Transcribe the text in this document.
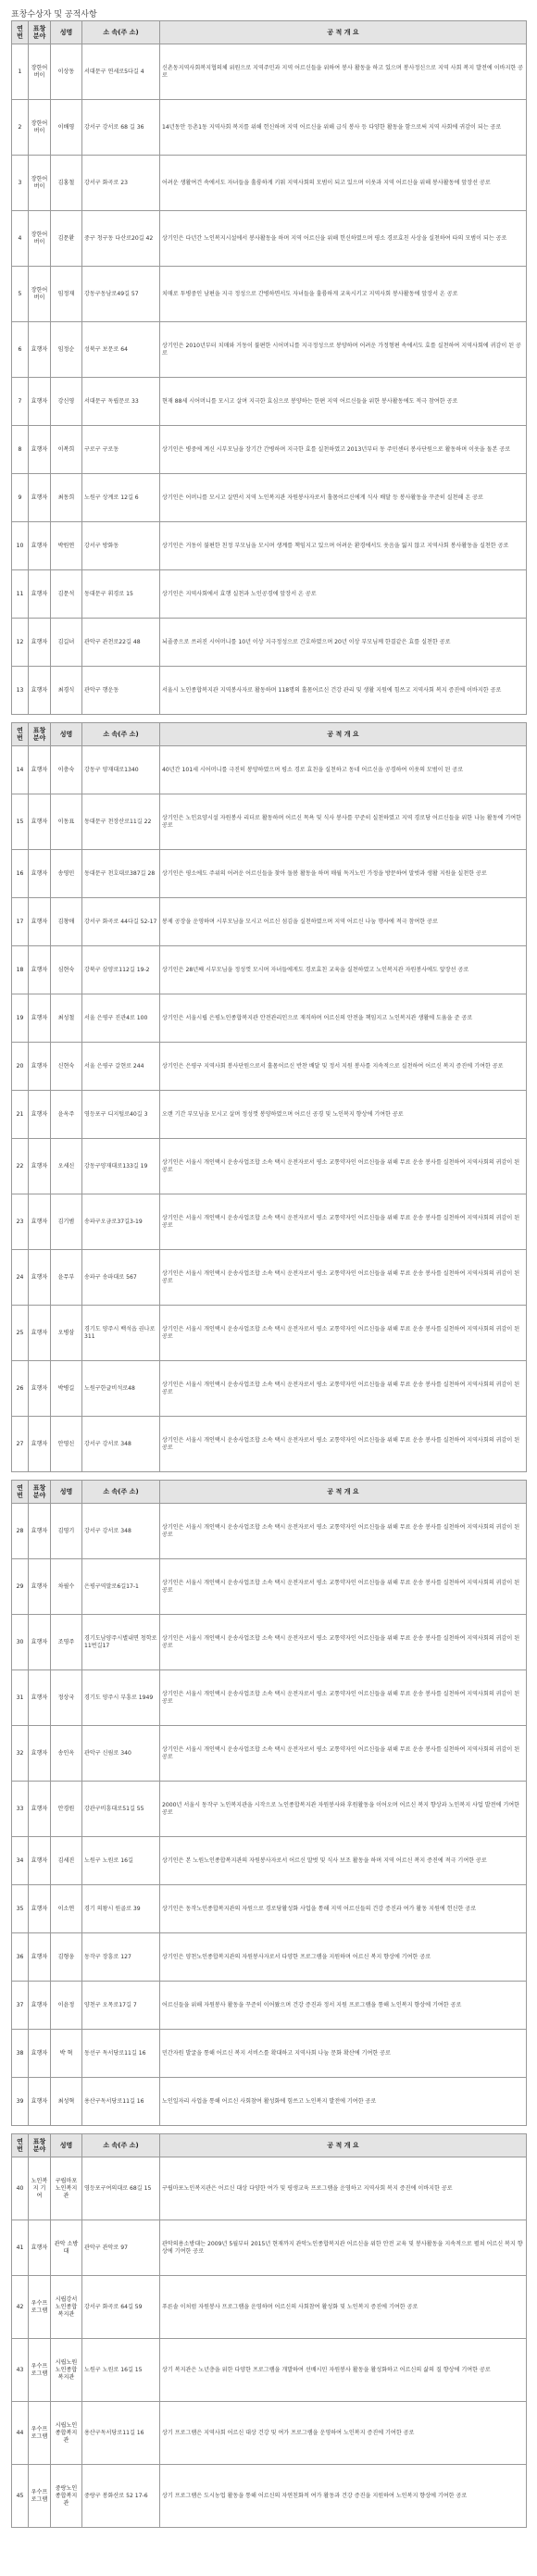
표창수상자 및 공적사항
연번	표창분야	성명	소 속(주 소)	공 적 개 요
1	장한어버이	이상동	서대문구 연세로5다길 4	신촌동지역사회복지협의체 위원으로 지역주민과 지역 어르신들을 위하여 봉사 활동을 하고 있으며 봉사정신으로 지역 사회 복지 발전에 이바지한 공로
2	장한어버이	이배영	강서구 강서로 68 길 36	14년동안 등촌1동 지역사회 복지를 위해 헌신하며 지역 어르신을 위해 급식 봉사 등 다양한 활동을 함으로써 지역 사회에 귀감이 되는 공로
3	장한어버이	김홍철	강서구 화곡로 23	어려운 생활여건 속에서도 자녀들을 훌륭하게 키워 지역사회의 모범이 되고 있으며 이웃과 지역 어르신을 위해 봉사활동에 앞장선 공로
4	장한어버이	김문환	중구 청구동 다산로20길 42	상기인은 다년간 노인복지시설에서 봉사활동을 하며 지역 어르신을 위해 헌신하였으며 평소 경로효친 사상을 실천하여 타의 모범이 되는 공로
5	장한어버이	임정재	강동구동남로49길 57	치매로 투병중인 남편을 지극 정성으로 간병하면서도 자녀들을 훌륭하게 교육시키고 지역사회 봉사활동에 앞장서 온 공로
6	효행자	임정순	성북구 보문로 64	상기인은 2010년부터 치매와 거동이 불편한 시어머니를 지극정성으로 봉양하며 어려운 가정형편 속에서도 효를 실천하여 지역사회에 귀감이 된 공로
7	효행자	강신영	서대문구 독립문로 33	현재 88세 시어머니를 모시고 살며 지극한 효심으로 봉양하는 한편 지역 어르신들을 위한 봉사활동에도 적극 참여한 공로
8	효행자	이복희	구로구 구로동	상기인은 병중에 계신 시부모님을 장기간 간병하며 지극한 효를 실천하였고 2013년부터 동 주민센터 봉사단원으로 활동하며 이웃을 돌본 공로
9	효행자	최동희	노원구 상계로 12길 6	상기인은 어머니를 모시고 살면서 지역 노인복지관 자원봉사자로서 홀몸어르신에게 식사 배달 등 봉사활동을 꾸준히 실천해 온 공로
10	효행자	박원연	강서구 방화동	상기인은 거동이 불편한 친정 부모님을 모시며 생계를 책임지고 있으며 어려운 환경에서도 웃음을 잃지 않고 지역사회 봉사활동을 실천한 공로
11	효행자	김문석	동대문구 휘경로 15	상기인은 지역사회에서 효행 실천과 노인공경에 앞장서 온 공로
12	효행자	김길녀	관악구 관천로22길 48	뇌졸중으로 쓰러진 시어머니를 10년 이상 지극정성으로 간호하였으며 20년 이상 부모님께 한결같은 효를 실천한 공로
13	효행자	최경식	관악구 행운동	서울시 노인종합복지관 지역봉사자로 활동하며 118명의 홀몸어르신 건강 관리 및 생활 지원에 힘쓰고 지역사회 복지 증진에 이바지한 공로
연번	표창분야	성명	소 속(주 소)	공 적 개 요
14	효행자	이충숙	강동구 양재대로1340	40년간 101세 시어머니를 극진히 봉양하였으며 평소 경로 효친을 실천하고 동네 어르신을 공경하여 이웃의 모범이 된 공로
15	효행자	이동표	동대문구 천장산로11길 22	상기인은 노인요양시설 자원봉사 리더로 활동하며 어르신 목욕 및 식사 봉사를 꾸준히 실천하였고 지역 경로당 어르신들을 위한 나눔 활동에 기여한 공로
16	효행자	송영민	동대문구 천호대로387길 28	상기인은 평소에도 주위의 어려운 어르신들을 찾아 돌봄 활동을 하며 매월 독거노인 가정을 방문하여 말벗과 생활 지원을 실천한 공로
17	효행자	김창애	강서구 화곡로 44다길 52-17	봉제 공장을 운영하며 시부모님을 모시고 어르신 섬김을 실천하였으며 지역 어르신 나눔 행사에 적극 참여한 공로
18	효행자	심현숙	강북구 삼양로112길 19-2	상기인은 28년째 시부모님을 정성껏 모시며 자녀들에게도 경로효친 교육을 실천하였고 노인복지관 자원봉사에도 앞장선 공로
19	효행자	최성철	서울 은평구 진관4로 100	상기인은 서울시립 은평노인종합복지관 안전관리인으로 재직하며 어르신의 안전을 책임지고 노인복지관 생활에 도움을 준 공로
20	효행자	신현숙	서울 은평구 갈현로 244	상기인은 은평구 지역사회 봉사단원으로서 홀몸어르신 반찬 배달 및 정서 지원 봉사를 지속적으로 실천하여 어르신 복지 증진에 기여한 공로
21	효행자	윤옥주	영등포구 디지털로40길 3	오랜 기간 부모님을 모시고 살며 정성껏 봉양하였으며 어르신 공경 및 노인복지 향상에 기여한 공로
22	효행자	오세신	강동구양재대로133길 19	상기인은 서울시 개인택시 운송사업조합 소속 택시 운전자로서 평소 교통약자인 어르신들을 위해 무료 운송 봉사를 실천하여 지역사회의 귀감이 된 공로
23	효행자	김기범	송파구오금로37길3-19	상기인은 서울시 개인택시 운송사업조합 소속 택시 운전자로서 평소 교통약자인 어르신들을 위해 무료 운송 봉사를 실천하여 지역사회의 귀감이 된 공로
24	효행자	윤무부	송파구 송파대로 567	상기인은 서울시 개인택시 운송사업조합 소속 택시 운전자로서 평소 교통약자인 어르신들을 위해 무료 운송 봉사를 실천하여 지역사회의 귀감이 된 공로
25	효행자	오병삼	경기도 양주시 백석읍 권나로 311	상기인은 서울시 개인택시 운송사업조합 소속 택시 운전자로서 평소 교통약자인 어르신들을 위해 무료 운송 봉사를 실천하여 지역사회의 귀감이 된 공로
26	효행자	박병길	노원구한글비석로48	상기인은 서울시 개인택시 운송사업조합 소속 택시 운전자로서 평소 교통약자인 어르신들을 위해 무료 운송 봉사를 실천하여 지역사회의 귀감이 된 공로
27	효행자	안영신	강서구 강서로 348	상기인은 서울시 개인택시 운송사업조합 소속 택시 운전자로서 평소 교통약자인 어르신들을 위해 무료 운송 봉사를 실천하여 지역사회의 귀감이 된 공로
연번	표창분야	성명	소 속(주 소)	공 적 개 요
28	효행자	김영기	강서구 강서로 348	상기인은 서울시 개인택시 운송사업조합 소속 택시 운전자로서 평소 교통약자인 어르신들을 위해 무료 운송 봉사를 실천하여 지역사회의 귀감이 된 공로
29	효행자	차필수	은평구역말로6길17-1	상기인은 서울시 개인택시 운송사업조합 소속 택시 운전자로서 평소 교통약자인 어르신들을 위해 무료 운송 봉사를 실천하여 지역사회의 귀감이 된 공로
30	효행자	조영주	경기도남양주시별내면 청학로11번길17	상기인은 서울시 개인택시 운송사업조합 소속 택시 운전자로서 평소 교통약자인 어르신들을 위해 무료 운송 봉사를 실천하여 지역사회의 귀감이 된 공로
31	효행자	정상국	경기도 양주시 부흥로 1949	상기인은 서울시 개인택시 운송사업조합 소속 택시 운전자로서 평소 교통약자인 어르신들을 위해 무료 운송 봉사를 실천하여 지역사회의 귀감이 된 공로
32	효행자	송인옥	관악구 신림로 340	상기인은 서울시 개인택시 운송사업조합 소속 택시 운전자로서 평소 교통약자인 어르신들을 위해 무료 운송 봉사를 실천하여 지역사회의 귀감이 된 공로
33	효행자	안경원	강관구비흥대로51길 55	2000년 서울시 동작구 노인복지관을 시작으로 노인종합복지관 자원봉사와 후원활동을 이어오며 어르신 복지 향상과 노인복지 사업 발전에 기여한 공로
34	효행자	김세진	노원구 노원로 16길	상기인은 본 노원노인종합복지관의 자원봉사자로서 어르신 말벗 및 식사 보조 활동을 하며 지역 어르신 복지 증진에 적극 기여한 공로
35	효행자	이소연	경기 의왕시 원골로 39	상기인은 동작노인종합복지관의 자원으로 경로당활성화 사업을 통해 지역 어르신들의 건강 증진과 여가 활동 지원에 헌신한 공로
36	효행자	김형웅	동작구 장흥로 127	상기인은 양천노인종합복지관의 자원봉사자로서 다양한 프로그램을 지원하며 어르신 복지 향상에 기여한 공로
37	효행자	이윤정	양천구 오목로17길 7	어르신들을 위해 자원봉사 활동을 꾸준히 이어왔으며 건강 증진과 정서 지원 프로그램을 통해 노인복지 향상에 기여한 공로
38	효행자	박 혁	동선구 독서당로11길 16	민간자원 발굴을 통해 어르신 복지 서비스를 확대하고 지역사회 나눔 문화 확산에 기여한 공로
39	효행자	최성혁	용산구독서당로11길 16	노인일자리 사업을 통해 어르신 사회참여 활성화에 힘쓰고 노인복지 발전에 기여한 공로
연번	표창분야	성명	소 속(주 소)	공 적 개 요
40	노인복지 기여	구립마포노인복지관	영등포구여의대로 68길 15	구립마포노인복지관은 어르신 대상 다양한 여가 및 평생교육 프로그램을 운영하고 지역사회 복지 증진에 이바지한 공로
41	효행자	관악 소방대	관악구 관악로 97	관악의용소방대는 2009년 5월부터 2015년 현재까지 관악노인종합복지관 어르신을 위한 안전 교육 및 봉사활동을 지속적으로 펼쳐 어르신 복지 향상에 기여한 공로
42	우수프로그램	시립강서노인종합복지관	강서구 화곡로 64길 59	푸른솔 이처럼 자원봉사 프로그램을 운영하며 어르신의 사회참여 활성화 및 노인복지 증진에 기여한 공로
43	우수프로그램	시립노원노인종합복지관	노원구 노원로 16길 15	상기 복지관은 노년층을 위한 다양한 프로그램을 개발하여 선배시민 자원봉사 활동을 활성화하고 어르신의 삶의 질 향상에 기여한 공로
44	우수프로그램	시립노인종합복지관	용산구독서당로11길 16	상기 프로그램은 지역사회 어르신 대상 건강 및 여가 프로그램을 운영하여 노인복지 증진에 기여한 공로
45	우수프로그램	중랑노인종합복지관	중랑구 봉화산로 52 17-6	상기 프로그램은 도시농업 활동을 통해 어르신의 자연친화적 여가 활동과 건강 증진을 지원하여 노인복지 향상에 기여한 공로
